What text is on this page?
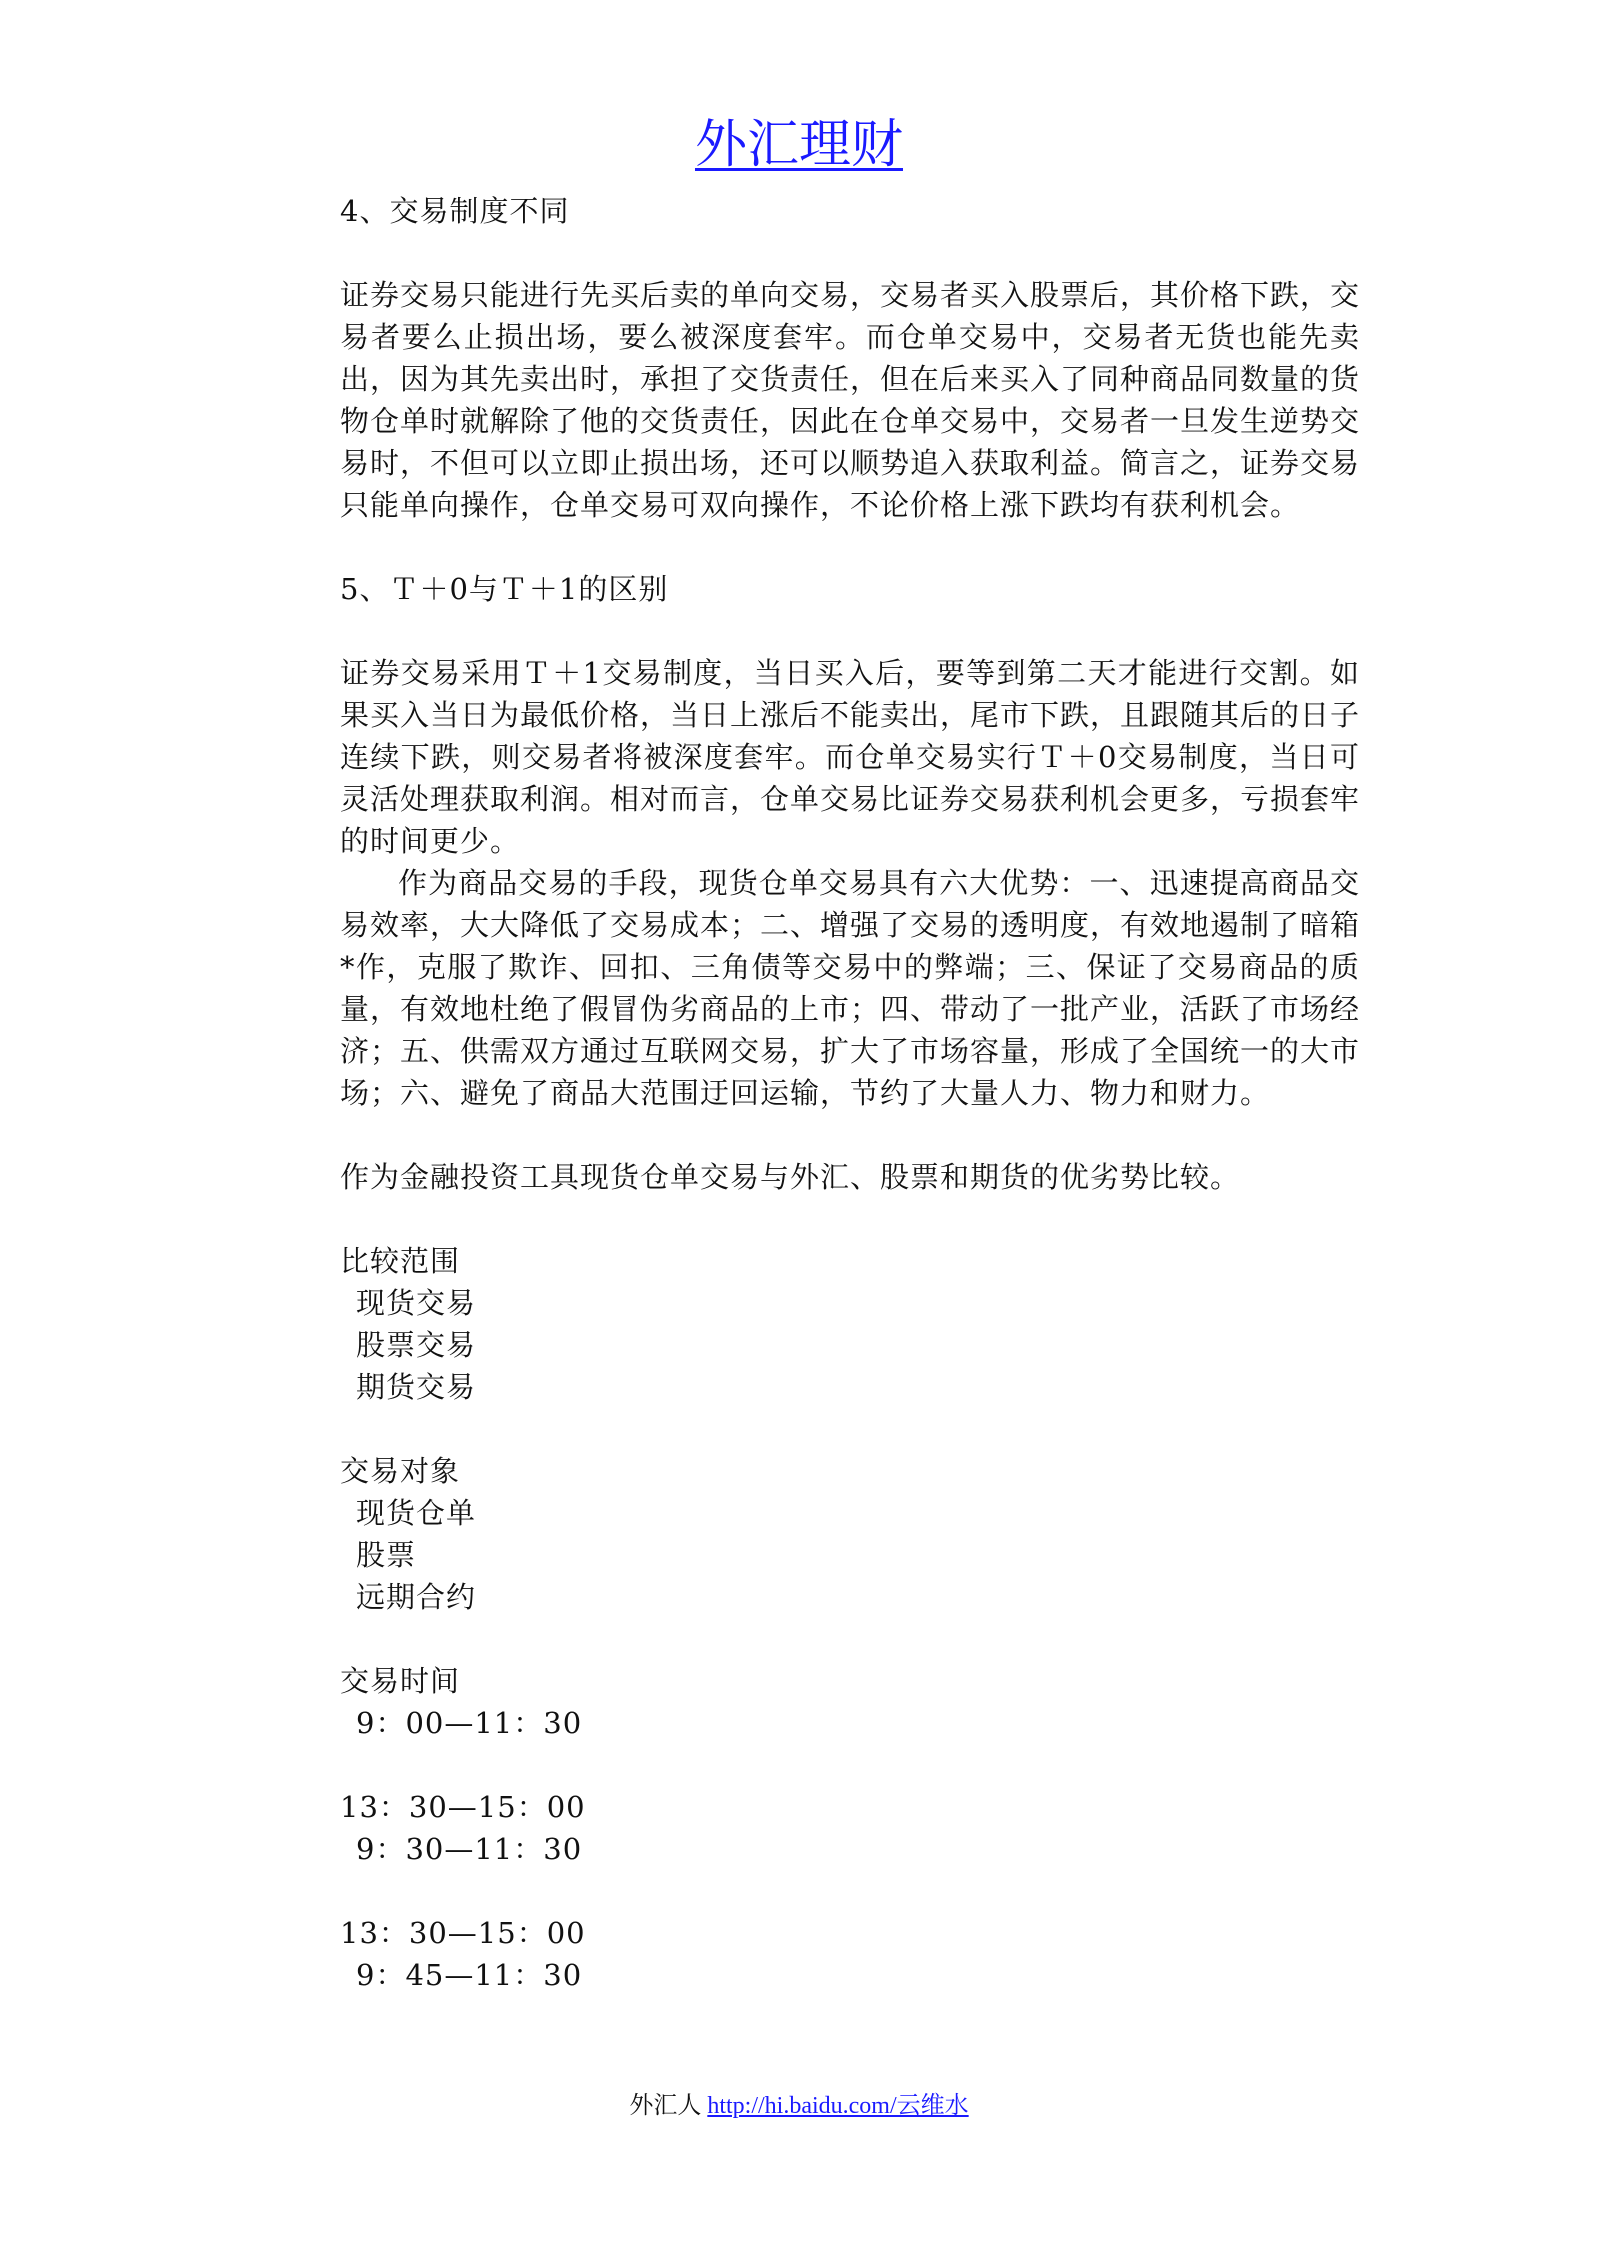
外汇理财

4、交易制度不同

证券交易只能进行先买后卖的单向交易，交易者买入股票后，其价格下跌，交易者要么止损出场，要么被深度套牢。而仓单交易中，交易者无货也能先卖出，因为其先卖出时，承担了交货责任，但在后来买入了同种商品同数量的货物仓单时就解除了他的交货责任，因此在仓单交易中，交易者一旦发生逆势交易时，不但可以立即止损出场，还可以顺势追入获取利益。简言之，证券交易只能单向操作，仓单交易可双向操作，不论价格上涨下跌均有获利机会。

5、Ｔ＋0与Ｔ＋1的区别

证券交易采用Ｔ＋1交易制度，当日买入后，要等到第二天才能进行交割。如果买入当日为最低价格，当日上涨后不能卖出，尾市下跌，且跟随其后的日子连续下跌，则交易者将被深度套牢。而仓单交易实行Ｔ＋0交易制度，当日可灵活处理获取利润。相对而言，仓单交易比证券交易获利机会更多，亏损套牢的时间更少。

作为商品交易的手段，现货仓单交易具有六大优势：一、迅速提高商品交易效率，大大降低了交易成本；二、增强了交易的透明度，有效地遏制了暗箱*作，克服了欺诈、回扣、三角债等交易中的弊端；三、保证了交易商品的质量，有效地杜绝了假冒伪劣商品的上市；四、带动了一批产业，活跃了市场经济；五、供需双方通过互联网交易，扩大了市场容量，形成了全国统一的大市场；六、避免了商品大范围迂回运输，节约了大量人力、物力和财力。

作为金融投资工具现货仓单交易与外汇、股票和期货的优劣势比较。

比较范围
现货交易
股票交易
期货交易
交易对象
现货仓单
股票
远期合约
交易时间
9：00—11：30
13：30—15：00
9：30—11：30
13：30—15：00
9：45—11：30
外汇人 http://hi.baidu.com/云维水
